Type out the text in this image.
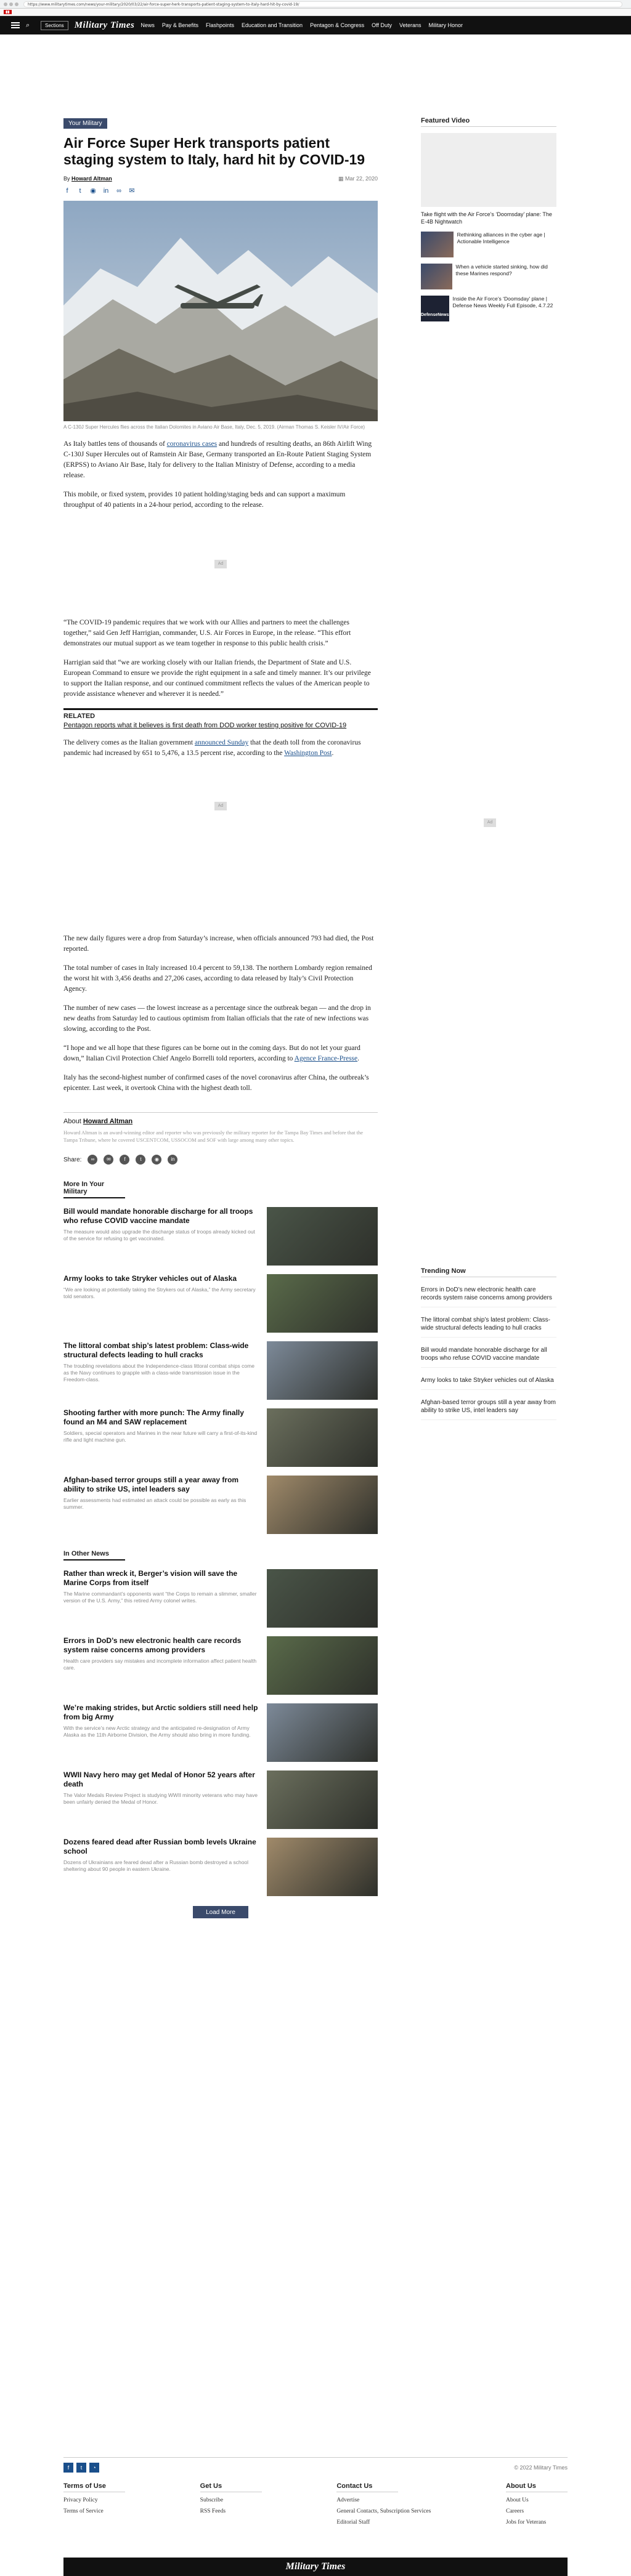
https://www.militarytimes.com/news/your-military/2020/03/22/air-force-super-herk-transports-patient-staging-system-to-italy-hard-hit-by-covid-19/
▮▮
⌕	Sections	Military Times News Pay & Benefits Flashpoints Education and Transition Pentagon & Congress Off Duty Veterans Military Honor
Your Military
Air Force Super Herk transports patient staging system to Italy, hard hit by COVID-19
By Howard Altman	▦ Mar 22, 2020
f	t	◉ in ∞ ✉
A C-130J Super Hercules flies across the Italian Dolomites in Aviano Air Base, Italy, Dec. 5, 2019. (Airman Thomas S. Keisler IV/Air Force)

As Italy battles tens of thousands of coronavirus cases and hundreds of resulting deaths, an 86th Airlift Wing C-130J Super Hercules out of Ramstein Air Base, Germany transported an En-Route Patient Staging System (ERPSS) to Aviano Air Base, Italy for delivery to the Italian Ministry of Defense, according to a media release.

This mobile, or fixed system, provides 10 patient holding/staging beds and can support a maximum throughput of 40 patients in a 24-hour period, according to the release.

Ad

“The COVID-19 pandemic requires that we work with our Allies and partners to meet the challenges together,” said Gen Jeff Harrigian, commander, U.S. Air Forces in Europe, in the release. “This effort demonstrates our mutual support as we team together in response to this public health crisis.”

Harrigian said that “we are working closely with our Italian friends, the Department of State and U.S. European Command to ensure we provide the right equipment in a safe and timely manner. It’s our privilege to support the Italian response, and our continued commitment reflects the values of the American people to provide assistance whenever and wherever it is needed.”

RELATED
Pentagon reports what it believes is first death from DOD worker testing positive for COVID-19

The delivery comes as the Italian government announced Sunday that the death toll from the coronavirus pandemic had increased by 651 to 5,476, a 13.5 percent rise, according to the Washington Post.

Ad

The new daily figures were a drop from Saturday’s increase, when officials announced 793 had died, the Post reported.

The total number of cases in Italy increased 10.4 percent to 59,138. The northern Lombardy region remained the worst hit with 3,456 deaths and 27,206 cases, according to data released by Italy’s Civil Protection Agency.

The number of new cases — the lowest increase as a percentage since the outbreak began — and the drop in new deaths from Saturday led to cautious optimism from Italian officials that the rate of new infections was slowing, according to the Post.

“I hope and we all hope that these figures can be borne out in the coming days. But do not let your guard down,” Italian Civil Protection Chief Angelo Borrelli told reporters, according to Agence France-Presse.

Italy has the second-highest number of confirmed cases of the novel coronavirus after China, the outbreak’s epicenter. Last week, it overtook China with the highest death toll.

About Howard Altman

Howard Altman is an award-winning editor and reporter who was previously the military reporter for the Tampa Bay Times and before that the Tampa Tribune, where he covered USCENTCOM, USSOCOM and SOF with large among many other topics.

Share:	∞	✉	f	t	◉	in
More In Your Military
Bill would mandate honorable discharge for all troops who refuse COVID vaccine mandate

The measure would also upgrade the discharge status of troops already kicked out of the service for refusing to get vaccinated.

Army looks to take Stryker vehicles out of Alaska

“We are looking at potentially taking the Strykers out of Alaska,” the Army secretary told senators.

The littoral combat ship’s latest problem: Class-wide structural defects leading to hull cracks

The troubling revelations about the Independence-class littoral combat ships come as the Navy continues to grapple with a class-wide transmission issue in the Freedom-class.

Shooting farther with more punch: The Army finally found an M4 and SAW replacement

Soldiers, special operators and Marines in the near future will carry a first-of-its-kind rifle and light machine gun.

Afghan-based terror groups still a year away from ability to strike US, intel leaders say

Earlier assessments had estimated an attack could be possible as early as this summer.

In Other News
Rather than wreck it, Berger’s vision will save the Marine Corps from itself

The Marine commandant’s opponents want “the Corps to remain a slimmer, smaller version of the U.S. Army,” this retired Army colonel writes.

Errors in DoD’s new electronic health care records system raise concerns among providers

Health care providers say mistakes and incomplete information affect patient health care.

We’re making strides, but Arctic soldiers still need help from big Army

With the service’s new Arctic strategy and the anticipated re-designation of Army Alaska as the 11th Airborne Division, the Army should also bring in more funding.

WWII Navy hero may get Medal of Honor 52 years after death

The Valor Medals Review Project is studying WWII minority veterans who may have been unfairly denied the Medal of Honor.

Dozens feared dead after Russian bomb levels Ukraine school

Dozens of Ukrainians are feared dead after a Russian bomb destroyed a school sheltering about 90 people in eastern Ukraine.

Load More
Featured Video
Take flight with the Air Force’s ‘Doomsday’ plane: The E-4B Nightwatch
Rethinking alliances in the cyber age | Actionable Intelligence
When a vehicle started sinking, how did these Marines respond?
DefenseNews
Inside the Air Force’s ‘Doomsday’ plane | Defense News Weekly Full Episode, 4.7.22
Ad
Trending Now
Errors in DoD’s new electronic health care records system raise concerns among providers
The littoral combat ship’s latest problem: Class-wide structural defects leading to hull cracks
Bill would mandate honorable discharge for all troops who refuse COVID vaccine mandate
Army looks to take Stryker vehicles out of Alaska
Afghan-based terror groups still a year away from ability to strike US, intel leaders say
f	t	◔	© 2022 Military Times
Terms of Use
Privacy Policy
Terms of Service
Get Us
Subscribe
RSS Feeds
Contact Us
Advertise
General Contacts, Subscription Services
Editorial Staff
About Us
About Us
Careers
Jobs for Veterans
Military Times
